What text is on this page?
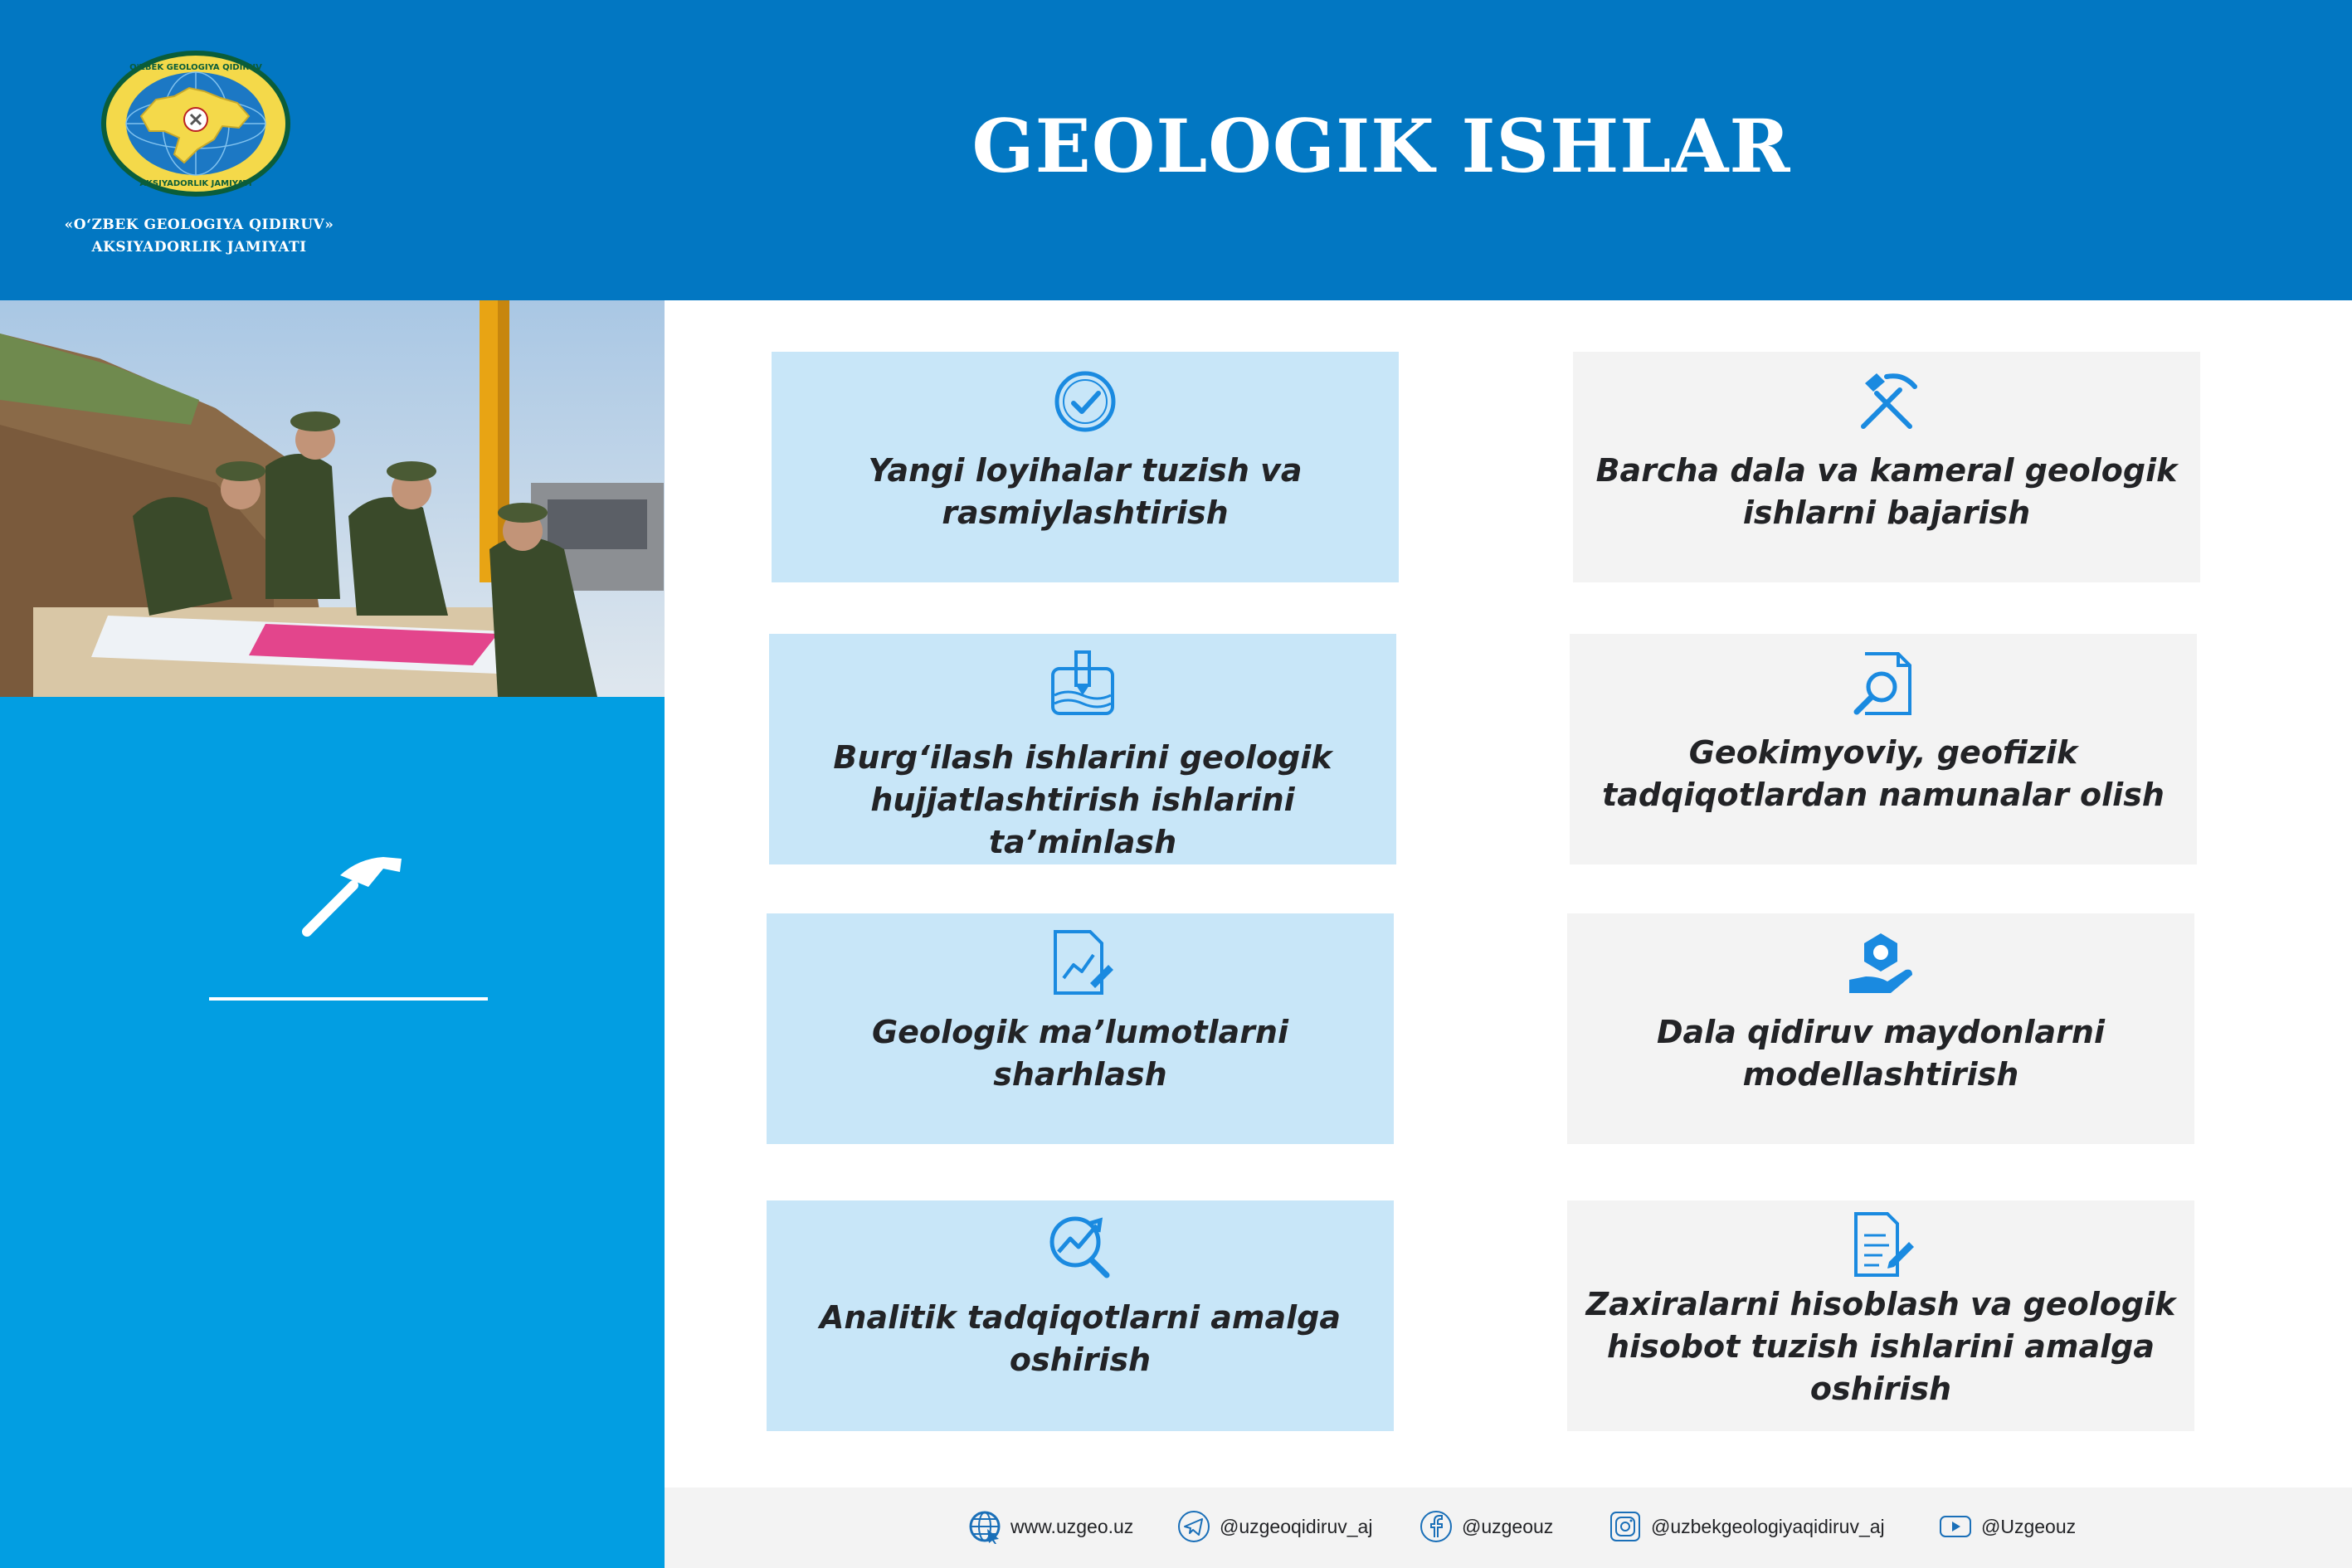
O'ZBEK GEOLOGIYA QIDIRUV
AKSIYADORLIK JAMIYATI
«O‘ZBEK GEOLOGIYA QIDIRUV»
AKSIYADORLIK JAMIYATI
GEOLOGIK ISHLAR
Yangi loyihalar tuzish va rasmiylashtirish
Barcha dala va kameral geologik ishlarni bajarish
Burg‘ilash ishlarini geologik hujjatlashtirish ishlarini ta’minlash
Geokimyoviy, geofizik tadqiqotlardan namunalar olish
Geologik ma’lumotlarni sharhlash
Dala qidiruv maydonlarni modellashtirish
Analitik tadqiqotlarni amalga oshirish
Zaxiralarni hisoblash va geologik hisobot tuzish ishlarini amalga oshirish
www.uzgeo.uz	@uzgeoqidiruv_aj	@uzgeouz	@uzbekgeologiyaqidiruv_aj	@Uzgeouz
